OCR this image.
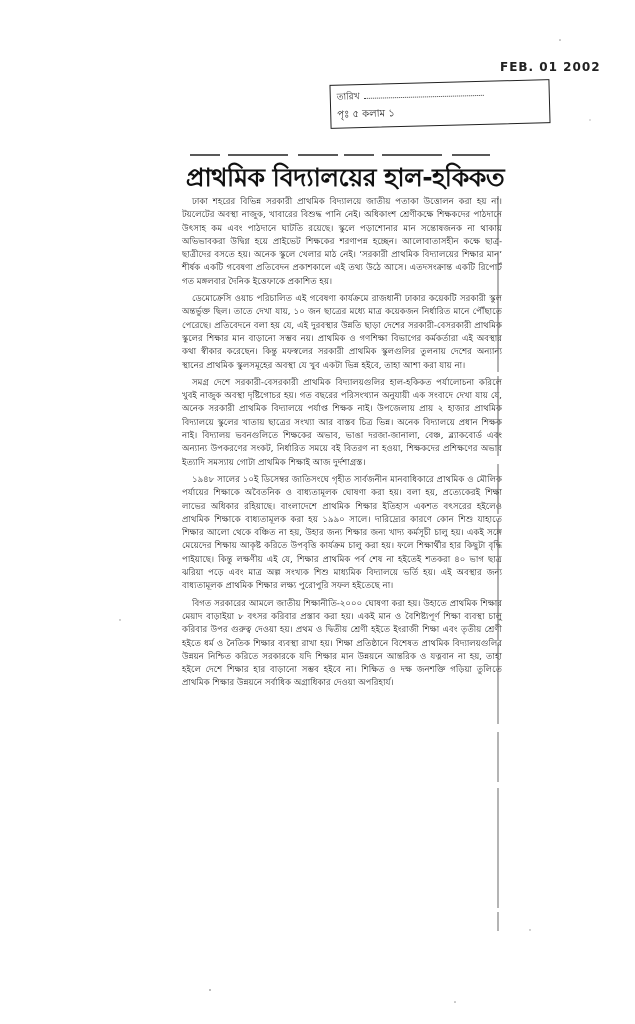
FEB. 01 2002
তারিখ
পৃঃ ৫ কলাম ১
প্রাথমিক বিদ্যালয়ের হাল-হকিকত

ঢাকা শহরের বিভিন্ন সরকারী প্রাথমিক বিদ্যালয়ে জাতীয় পতাকা উত্তোলন করা হয় না। টয়লেটের অবস্থা নাজুক, খাবারের বিশুদ্ধ পানি নেই। অধিকাংশ শ্রেণীকক্ষে শিক্ষকদের পাঠদানে উৎসাহ কম এবং পাঠদানে ঘাটতি রয়েছে। স্কুলে পড়াশোনার মান সন্তোষজনক না থাকায় অভিভাবকরা উদ্বিগ্ন হয়ে প্রাইভেট শিক্ষকের শরণাপন্ন হচ্ছেন। আলোবাতাসহীন কক্ষে ছাত্র-ছাত্রীদের বসতে হয়। অনেক স্কুলে খেলার মাঠ নেই। ‘সরকারী প্রাথমিক বিদ্যালয়ের শিক্ষার মান’ শীর্ষক একটি গবেষণা প্রতিবেদন প্রকাশকালে এই তথ্য উঠে আসে। এতদসংক্রান্ত একটি রিপোর্ট গত মঙ্গলবার দৈনিক ইত্তেফাকে প্রকাশিত হয়।

ডেমোক্রেসি ওয়াচ পরিচালিত এই গবেষণা কার্যক্রমে রাজধানী ঢাকার কয়েকটি সরকারী স্কুল অন্তর্ভুক্ত ছিল। তাতে দেখা যায়, ১০ জন ছাত্রের মধ্যে মাত্র কয়েকজন নির্ধারিত মানে পৌঁছাতে পেরেছে। প্রতিবেদনে বলা হয় যে, এই দুরবস্থার উন্নতি ছাড়া দেশের সরকারী-বেসরকারী প্রাথমিক স্কুলের শিক্ষার মান বাড়ানো সম্ভব নয়। প্রাথমিক ও গণশিক্ষা বিভাগের কর্মকর্তারা এই অবস্থার কথা স্বীকার করেছেন। কিন্তু মফস্বলের সরকারী প্রাথমিক স্কুলগুলির তুলনায় দেশের অন্যান্য স্থানের প্রাথমিক স্কুলসমূহের অবস্থা যে খুব একটা ভিন্ন হইবে, তাহা আশা করা যায় না।

সমগ্র দেশে সরকারী-বেসরকারী প্রাথমিক বিদ্যালয়গুলির হাল-হকিকত পর্যালোচনা করিলে খুবই নাজুক অবস্থা দৃষ্টিগোচর হয়। গত বছরের পরিসংখ্যান অনুযায়ী এক সংবাদে দেখা যায় যে, অনেক সরকারী প্রাথমিক বিদ্যালয়ে পর্যাপ্ত শিক্ষক নাই। উপজেলায় প্রায় ২ হাজার প্রাথমিক বিদ্যালয়ে স্কুলের খাতায় ছাত্রের সংখ্যা আর বাস্তব চিত্র ভিন্ন। অনেক বিদ্যালয়ে প্রধান শিক্ষক নাই। বিদ্যালয় ভবনগুলিতে শিক্ষকের অভাব, ভাঙা দরজা-জানালা, বেঞ্চ, ব্ল্যাকবোর্ড এবং অন্যান্য উপকরণের সংকট, নির্ধারিত সময়ে বই বিতরণ না হওয়া, শিক্ষকদের প্রশিক্ষণের অভাব ইত্যাদি সমস্যায় গোটা প্রাথমিক শিক্ষাই আজ দুর্দশাগ্রস্ত।

১৯৪৮ সালের ১০ই ডিসেম্বর জাতিসংঘে গৃহীত সার্বজনীন মানবাধিকারে প্রাথমিক ও মৌলিক পর্যায়ের শিক্ষাকে অবৈতনিক ও বাধ্যতামূলক ঘোষণা করা হয়। বলা হয়, প্রত্যেকেরই শিক্ষা লাভের অধিকার রহিয়াছে। বাংলাদেশে প্রাথমিক শিক্ষার ইতিহাস একশত বৎসরের হইলেও প্রাথমিক শিক্ষাকে বাধ্যতামূলক করা হয় ১৯৯০ সালে। দারিদ্র্যের কারণে কোন শিশু যাহাতে শিক্ষার আলো থেকে বঞ্চিত না হয়, উহার জন্য শিক্ষার জন্য খাদ্য কর্মসূচী চালু হয়। একই সঙ্গে মেয়েদের শিক্ষায় আকৃষ্ট করিতে উপবৃত্তি কার্যক্রম চালু করা হয়। ফলে শিক্ষার্থীর হার কিছুটা বৃদ্ধি পাইয়াছে। কিন্তু লক্ষণীয় এই যে, শিক্ষার প্রাথমিক পর্ব শেষ না হইতেই শতকরা ৪০ ভাগ ছাত্র ঝরিয়া পড়ে এবং মাত্র অল্প সংখ্যক শিশু মাধ্যমিক বিদ্যালয়ে ভর্তি হয়। এই অবস্থার জন্য বাধ্যতামূলক প্রাথমিক শিক্ষার লক্ষ্য পুরোপুরি সফল হইতেছে না।

বিগত সরকারের আমলে জাতীয় শিক্ষানীতি-২০০০ ঘোষণা করা হয়। উহাতে প্রাথমিক শিক্ষার মেয়াদ বাড়াইয়া ৮ বৎসর করিবার প্রস্তাব করা হয়। একই মান ও বৈশিষ্ট্যপূর্ণ শিক্ষা ব্যবস্থা চালু করিবার উপর গুরুত্ব দেওয়া হয়। প্রথম ও দ্বিতীয় শ্রেণী হইতে ইংরাজী শিক্ষা এবং তৃতীয় শ্রেণী হইতে ধর্ম ও নৈতিক শিক্ষার ব্যবস্থা রাখা হয়। শিক্ষা প্রতিষ্ঠানে বিশেষত প্রাথমিক বিদ্যালয়গুলির উন্নয়ন নিশ্চিত করিতে সরকারকে যদি শিক্ষার মান উন্নয়নে আন্তরিক ও যত্নবান না হয়, তাহা হইলে দেশে শিক্ষার হার বাড়ানো সম্ভব হইবে না। শিক্ষিত ও দক্ষ জনশক্তি গড়িয়া তুলিতে প্রাথমিক শিক্ষার উন্নয়নে সর্বাধিক অগ্রাধিকার দেওয়া অপরিহার্য।
